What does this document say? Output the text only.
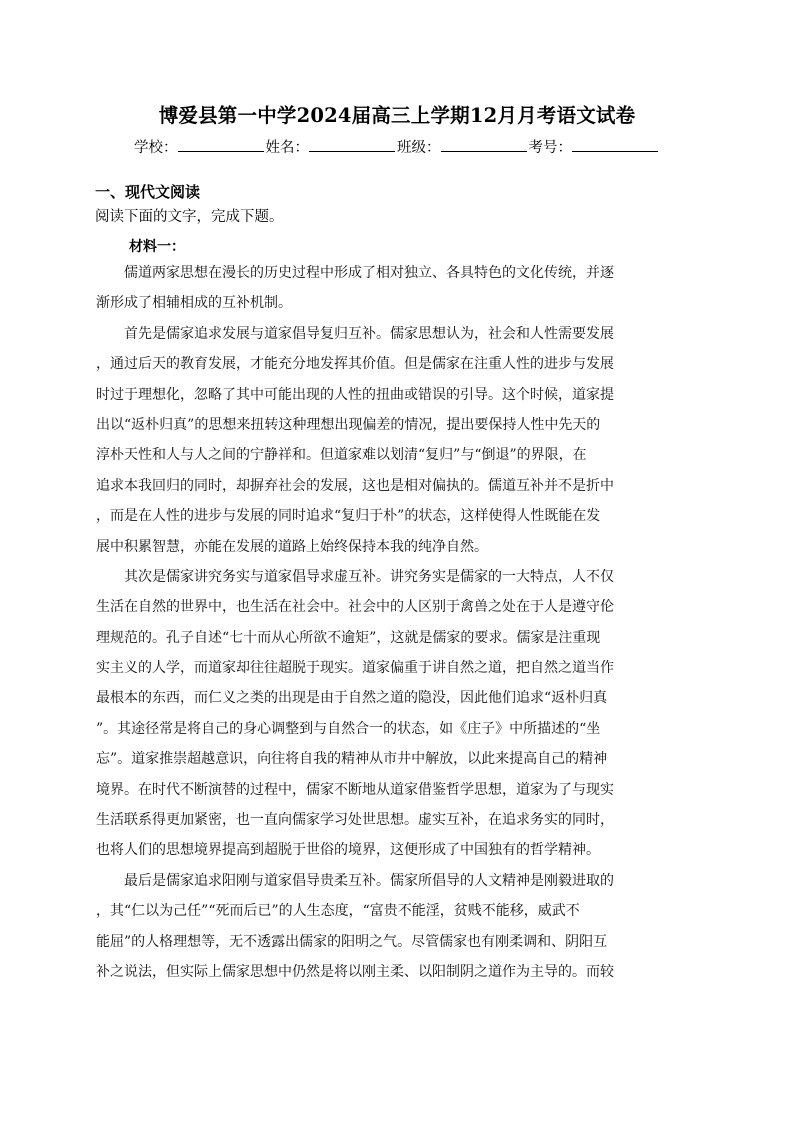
博爱县第一中学2024届高三上学期12月月考语文试卷
学校：	姓名：	班级：	考号：
一、现代文阅读
阅读下面的文字，完成下题。
材料一：
儒道两家思想在漫长的历史过程中形成了相对独立、各具特色的文化传统，并逐
渐形成了相辅相成的互补机制。
首先是儒家追求发展与道家倡导复归互补。儒家思想认为，社会和人性需要发展
，通过后天的教育发展，才能充分地发挥其价值。但是儒家在注重人性的进步与发展
时过于理想化，忽略了其中可能出现的人性的扭曲或错误的引导。这个时候，道家提
出以“返朴归真”的思想来扭转这种理想出现偏差的情况，提出要保持人性中先天的
淳朴天性和人与人之间的宁静祥和。但道家难以划清“复归”与“倒退”的界限，在
追求本我回归的同时，却摒弃社会的发展，这也是相对偏执的。儒道互补并不是折中
，而是在人性的进步与发展的同时追求“复归于朴”的状态，这样使得人性既能在发
展中积累智慧，亦能在发展的道路上始终保持本我的纯净自然。
其次是儒家讲究务实与道家倡导求虚互补。讲究务实是儒家的一大特点，人不仅
生活在自然的世界中，也生活在社会中。社会中的人区别于禽兽之处在于人是遵守伦
理规范的。孔子自述“七十而从心所欲不逾矩”，这就是儒家的要求。儒家是注重现
实主义的人学，而道家却往往超脱于现实。道家偏重于讲自然之道，把自然之道当作
最根本的东西，而仁义之类的出现是由于自然之道的隐没，因此他们追求“返朴归真
”。其途径常是将自己的身心调整到与自然合一的状态，如《庄子》中所描述的“坐
忘”。道家推崇超越意识，向往将自我的精神从市井中解放，以此来提高自己的精神
境界。在时代不断演替的过程中，儒家不断地从道家借鉴哲学思想，道家为了与现实
生活联系得更加紧密，也一直向儒家学习处世思想。虚实互补，在追求务实的同时，
也将人们的思想境界提高到超脱于世俗的境界，这便形成了中国独有的哲学精神。
最后是儒家追求阳刚与道家倡导贵柔互补。儒家所倡导的人文精神是刚毅进取的
，其“仁以为己任”“死而后已”的人生态度，“富贵不能淫，贫贱不能移，威武不
能屈”的人格理想等，无不透露出儒家的阳明之气。尽管儒家也有刚柔调和、阴阳互
补之说法，但实际上儒家思想中仍然是将以刚主柔、以阳制阴之道作为主导的。而较
